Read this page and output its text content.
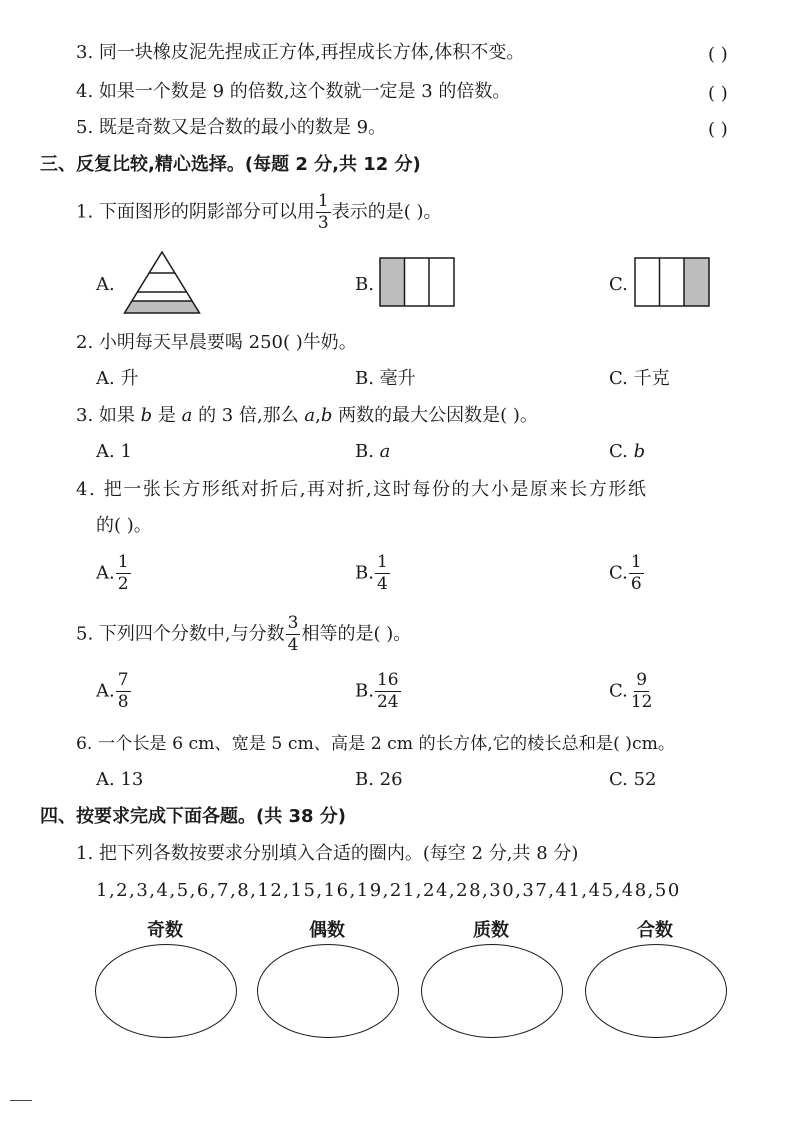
3. 同一块橡皮泥先捏成正方体,再捏成长方体,体积不变。	( )
4. 如果一个数是 9 的倍数,这个数就一定是 3 的倍数。	( )
5. 既是奇数又是合数的最小的数是 9。	( )
三、反复比较,精心选择。(每题 2 分,共 12 分)
1. 下面图形的阴影部分可以用 $\frac{1}{3}$ 表示的是( )。
A.	B.	C.
2. 小明每天早晨要喝 250( )牛奶。
A. 升	B. 毫升	C. 千克
3. 如果 b 是 a 的 3 倍,那么 a,b 两数的最大公因数是( )。
A. 1	B. a	C. b
4. 把一张长方形纸对折后,再对折,这时每份的大小是原来长方形纸
的( )。
A. $\frac{1}{2}$	B. $\frac{1}{4}$	C. $\frac{1}{6}$
5. 下列四个分数中,与分数 $\frac{3}{4}$ 相等的是( )。
A. $\frac{7}{8}$	B. $\frac{16}{24}$	C. $\frac{9}{12}$
6. 一个长是 6 cm、宽是 5 cm、高是 2 cm 的长方体,它的棱长总和是( )cm。
A. 13	B. 26	C. 52
四、按要求完成下面各题。(共 38 分)
1. 把下列各数按要求分别填入合适的圈内。(每空 2 分,共 8 分)
1,2,3,4,5,6,7,8,12,15,16,19,21,24,28,30,37,41,45,48,50
奇数	偶数	质数	合数
